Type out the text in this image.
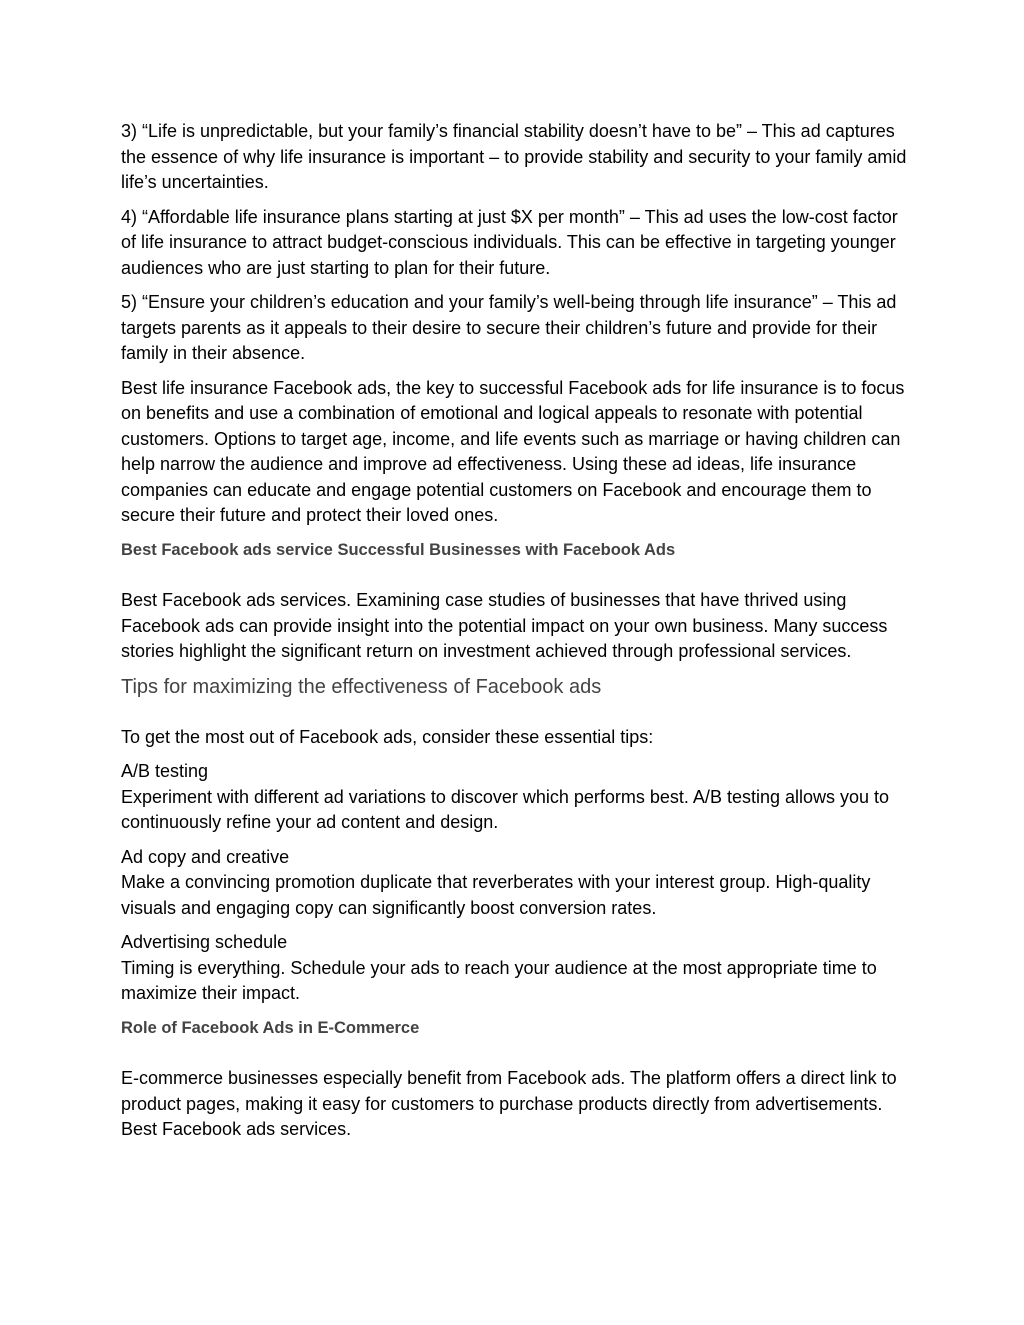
3) “Life is unpredictable, but your family’s financial stability doesn’t have to be” – This ad captures the essence of why life insurance is important – to provide stability and security to your family amid life’s uncertainties.

4) “Affordable life insurance plans starting at just $X per month” – This ad uses the low-cost factor of life insurance to attract budget-conscious individuals. This can be effective in targeting younger audiences who are just starting to plan for their future.

5) “Ensure your children’s education and your family’s well-being through life insurance” – This ad targets parents as it appeals to their desire to secure their children’s future and provide for their family in their absence.

Best life insurance Facebook ads, the key to successful Facebook ads for life insurance is to focus on benefits and use a combination of emotional and logical appeals to resonate with potential customers. Options to target age, income, and life events such as marriage or having children can help narrow the audience and improve ad effectiveness. Using these ad ideas, life insurance companies can educate and engage potential customers on Facebook and encourage them to secure their future and protect their loved ones.

Best Facebook ads service Successful Businesses with Facebook Ads

Best Facebook ads services. Examining case studies of businesses that have thrived using Facebook ads can provide insight into the potential impact on your own business. Many success stories highlight the significant return on investment achieved through professional services.

Tips for maximizing the effectiveness of Facebook ads

To get the most out of Facebook ads, consider these essential tips:

A/B testing
Experiment with different ad variations to discover which performs best. A/B testing allows you to continuously refine your ad content and design.

Ad copy and creative
Make a convincing promotion duplicate that reverberates with your interest group. High-quality visuals and engaging copy can significantly boost conversion rates.

Advertising schedule
Timing is everything. Schedule your ads to reach your audience at the most appropriate time to maximize their impact.

Role of Facebook Ads in E-Commerce

E-commerce businesses especially benefit from Facebook ads. The platform offers a direct link to product pages, making it easy for customers to purchase products directly from advertisements. Best Facebook ads services.
